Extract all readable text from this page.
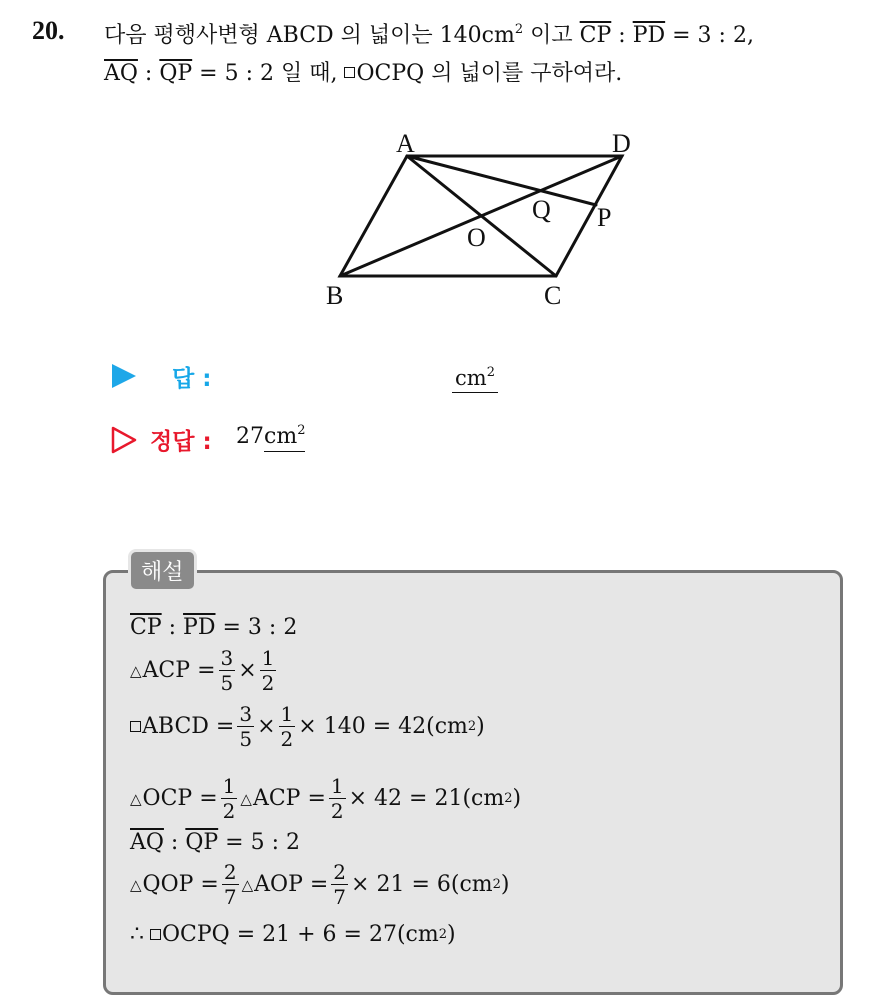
20. 다음 평행사변형 ABCD 의 넓이는 $140cm^2$ 이고 $\overline{CP}$ : $\overline{PD} = 3$ : 2,
$\overline{AQ}$ : $\overline{QP} = 5$ : 2 일 때, OCPQ 의 넓이를 구하여라.
A	D
B	C
O
P
Q
답 :	$cm^2$
정답 : $27cm^2$
해설
$\overline{CP}$ : $\overline{PD} = 3$ : 2
△ ACP = $\frac{3}{5} \times \frac{1}{2}$
ABCD = $\frac{3}{5} \times \frac{1}{2} \times 140 = 42$( cm 2 )
△ OCP = $\frac{1}{2}$ △ ACP = $\frac{1}{2} \times 42 = 21$( cm 2 )
$\overline{AQ}$ : $\overline{QP} = 5$ : 2
△ QOP = $\frac{2}{7}$ △ AOP = $\frac{2}{7} \times 21 = 6$( cm 2 )
∴ OCPQ = 21 + 6 = 27( cm 2 )
